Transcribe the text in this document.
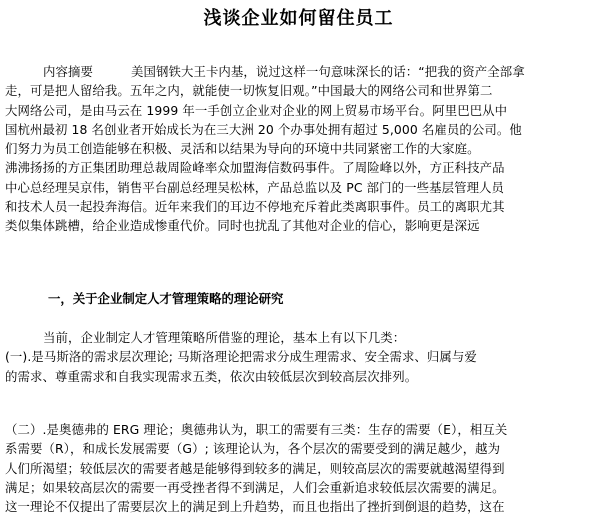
浅谈企业如何留住员工
内容摘要	美国钢铁大王卡内基，说过这样一句意味深长的话：“把我的资产全部拿
走，可是把人留给我。五年之内，就能使一切恢复旧观。”中国最大的网络公司和世界第二
大网络公司，是由马云在 1999 年一手创立企业对企业的网上贸易市场平台。阿里巴巴从中
国杭州最初 18 名创业者开始成长为在三大洲 20 个办事处拥有超过 5,000 名雇员的公司。他
们努力为员工创造能够在积极、灵活和以结果为导向的环境中共同紧密工作的大家庭。
沸沸扬扬的方正集团助理总裁周险峰率众加盟海信数码事件。了周险峰以外，方正科技产品
中心总经理吴京伟，销售平台副总经理吴松林，产品总监以及 PC 部门的一些基层管理人员
和技术人员一起投奔海信。近年来我们的耳边不停地充斥着此类离职事件。员工的离职尤其
类似集体跳槽，给企业造成惨重代价。同时也扰乱了其他对企业的信心，影响更是深远
一，关于企业制定人才管理策略的理论研究
当前，企业制定人才管理策略所借鉴的理论，基本上有以下几类：
(一).是马斯洛的需求层次理论; 马斯洛理论把需求分成生理需求、安全需求、归属与爱
的需求、尊重需求和自我实现需求五类，依次由较低层次到较高层次排列。
（二）.是奥德弗的 ERG 理论；奥德弗认为，职工的需要有三类：生存的需要（E），相互关
系需要（R），和成长发展需要（G）; 该理论认为，各个层次的需要受到的满足越少，越为
人们所渴望；较低层次的需要者越是能够得到较多的满足，则较高层次的需要就越渴望得到
满足；如果较高层次的需要一再受挫者得不到满足，人们会重新追求较低层次需要的满足。
这一理论不仅提出了需要层次上的满足到上升趋势，而且也指出了挫折到倒退的趋势，这在
